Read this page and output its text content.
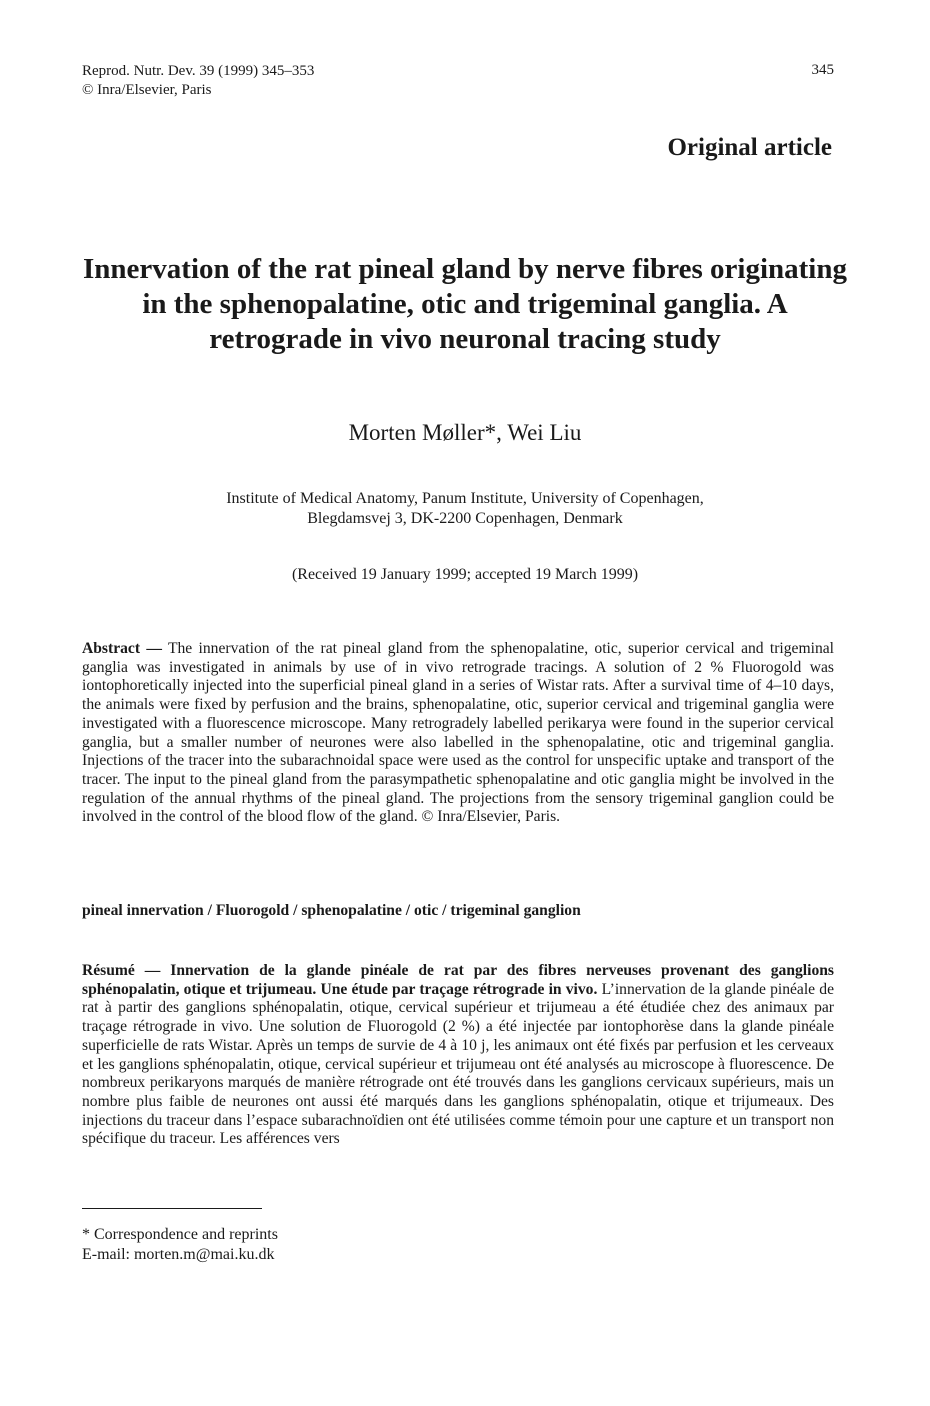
Reprod. Nutr. Dev. 39 (1999) 345–353
© Inra/Elsevier, Paris
345
Original article
Innervation of the rat pineal gland by nerve fibres originating in the sphenopalatine, otic and trigeminal ganglia. A retrograde in vivo neuronal tracing study
Morten Møller*, Wei Liu
Institute of Medical Anatomy, Panum Institute, University of Copenhagen,
Blegdamsvej 3, DK-2200 Copenhagen, Denmark
(Received 19 January 1999; accepted 19 March 1999)
Abstract — The innervation of the rat pineal gland from the sphenopalatine, otic, superior cervical and trigeminal ganglia was investigated in animals by use of in vivo retrograde tracings. A solution of 2 % Fluorogold was iontophoretically injected into the superficial pineal gland in a series of Wistar rats. After a survival time of 4–10 days, the animals were fixed by perfusion and the brains, sphenopalatine, otic, superior cervical and trigeminal ganglia were investigated with a fluorescence microscope. Many retrogradely labelled perikarya were found in the superior cervical ganglia, but a smaller number of neurones were also labelled in the sphenopalatine, otic and trigeminal ganglia. Injections of the tracer into the subarachnoidal space were used as the control for unspecific uptake and transport of the tracer. The input to the pineal gland from the parasympathetic sphenopalatine and otic ganglia might be involved in the regulation of the annual rhythms of the pineal gland. The projections from the sensory trigeminal ganglion could be involved in the control of the blood flow of the gland. © Inra/Elsevier, Paris.
pineal innervation / Fluorogold / sphenopalatine / otic / trigeminal ganglion
Résumé — Innervation de la glande pinéale de rat par des fibres nerveuses provenant des ganglions sphénopalatin, otique et trijumeau. Une étude par traçage rétrograde in vivo. L’innervation de la glande pinéale de rat à partir des ganglions sphénopalatin, otique, cervical supérieur et trijumeau a été étudiée chez des animaux par traçage rétrograde in vivo. Une solution de Fluorogold (2 %) a été injectée par iontophorèse dans la glande pinéale superficielle de rats Wistar. Après un temps de survie de 4 à 10 j, les animaux ont été fixés par perfusion et les cerveaux et les ganglions sphénopalatin, otique, cervical supérieur et trijumeau ont été analysés au microscope à fluorescence. De nombreux perikaryons marqués de manière rétrograde ont été trouvés dans les ganglions cervicaux supérieurs, mais un nombre plus faible de neurones ont aussi été marqués dans les ganglions sphénopalatin, otique et trijumeaux. Des injections du traceur dans l’espace subarachnoïdien ont été utilisées comme témoin pour une capture et un transport non spécifique du traceur. Les afférences vers
* Correspondence and reprints
E-mail: morten.m@mai.ku.dk
